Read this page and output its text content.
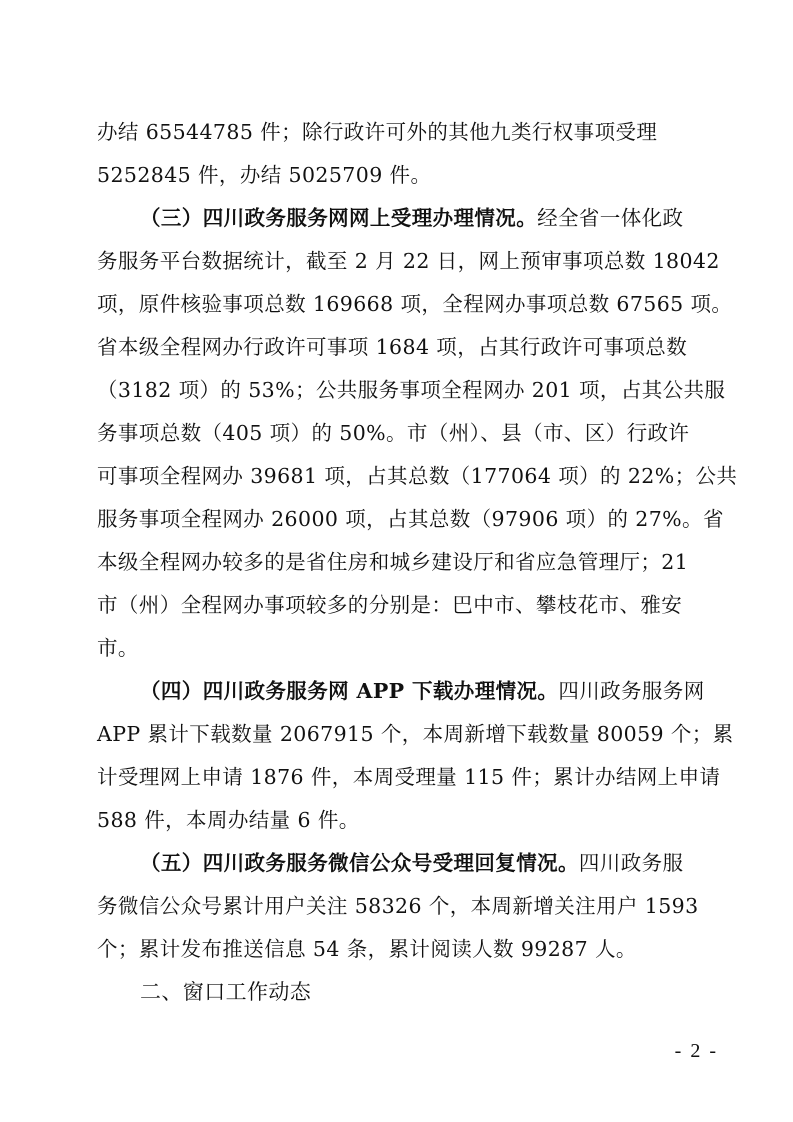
办结 65544785 件；除行政许可外的其他九类行权事项受理
5252845 件，办结 5025709 件。
（三）四川政务服务网网上受理办理情况。经全省一体化政
务服务平台数据统计，截至 2 月 22 日，网上预审事项总数 18042
项，原件核验事项总数 169668 项，全程网办事项总数 67565 项。
省本级全程网办行政许可事项 1684 项，占其行政许可事项总数
（3182 项）的 53%；公共服务事项全程网办 201 项，占其公共服
务事项总数（405 项）的 50%。市（州）、县（市、区）行政许
可事项全程网办 39681 项，占其总数（177064 项）的 22%；公共
服务事项全程网办 26000 项，占其总数（97906 项）的 27%。省
本级全程网办较多的是省住房和城乡建设厅和省应急管理厅；21
市（州）全程网办事项较多的分别是：巴中市、攀枝花市、雅安
市。
（四）四川政务服务网 APP 下载办理情况。四川政务服务网
APP 累计下载数量 2067915 个，本周新增下载数量 80059 个；累
计受理网上申请 1876 件，本周受理量 115 件；累计办结网上申请
588 件，本周办结量 6 件。
（五）四川政务服务微信公众号受理回复情况。四川政务服
务微信公众号累计用户关注 58326 个，本周新增关注用户 1593
个；累计发布推送信息 54 条，累计阅读人数 99287 人。
二、窗口工作动态
- 2 -
